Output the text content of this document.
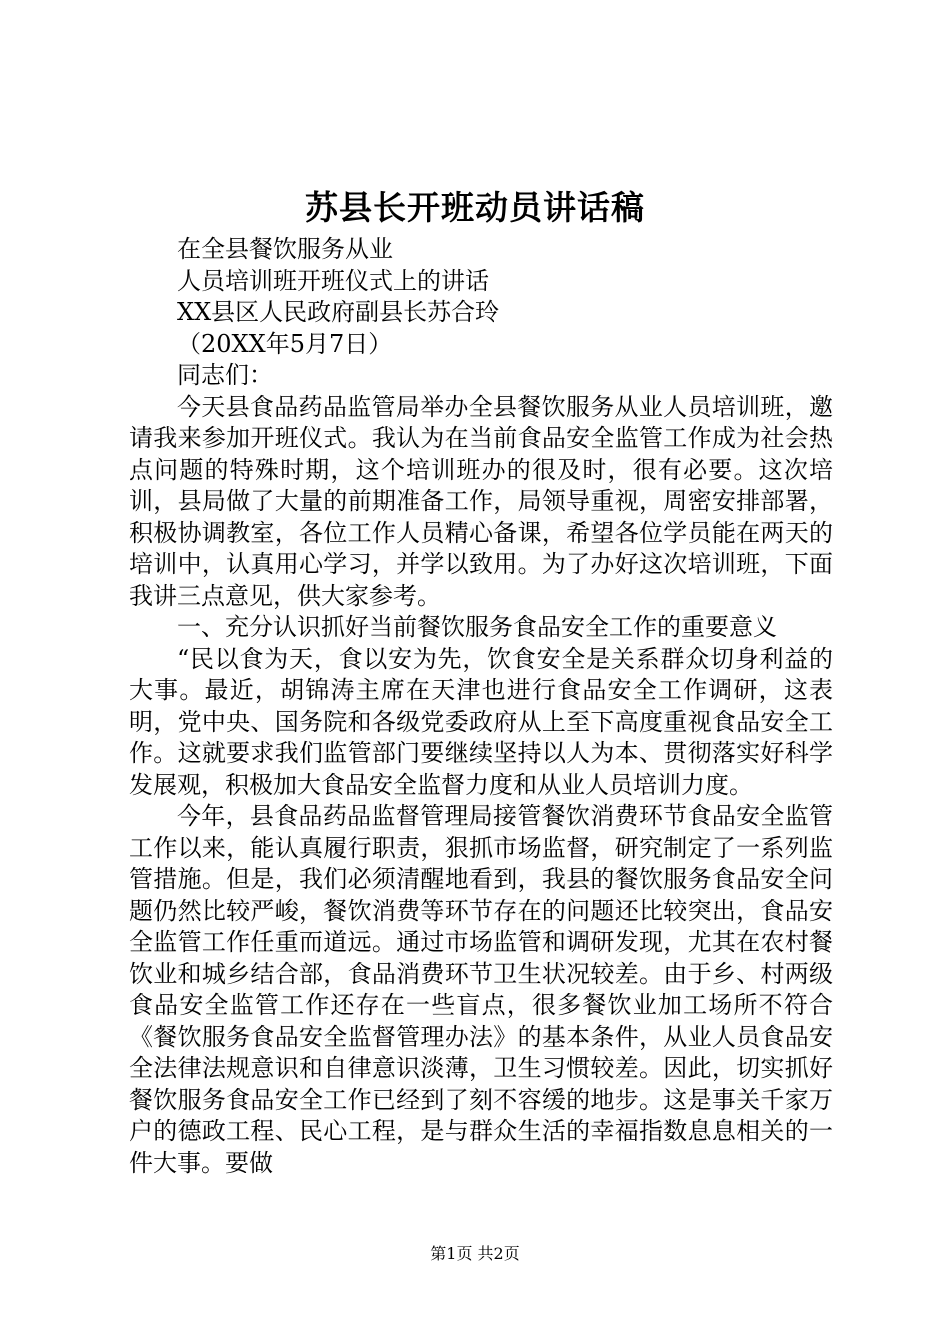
苏县长开班动员讲话稿

在全县餐饮服务从业

人员培训班开班仪式上的讲话

XX县区人民政府副县长苏合玲

（20XX年5月7日）

同志们：

今天县食品药品监管局举办全县餐饮服务从业人员培训班，邀请我来参加开班仪式。我认为在当前食品安全监管工作成为社会热点问题的特殊时期，这个培训班办的很及时，很有必要。这次培训，县局做了大量的前期准备工作，局领导重视，周密安排部署，积极协调教室，各位工作人员精心备课，希望各位学员能在两天的培训中，认真用心学习，并学以致用。为了办好这次培训班，下面我讲三点意见，供大家参考。

一、充分认识抓好当前餐饮服务食品安全工作的重要意义

“民以食为天，食以安为先，饮食安全是关系群众切身利益的大事。最近，胡锦涛主席在天津也进行食品安全工作调研，这表明，党中央、国务院和各级党委政府从上至下高度重视食品安全工作。这就要求我们监管部门要继续坚持以人为本、贯彻落实好科学发展观，积极加大食品安全监督力度和从业人员培训力度。

今年，县食品药品监督管理局接管餐饮消费环节食品安全监管工作以来，能认真履行职责，狠抓市场监督，研究制定了一系列监管措施。但是，我们必须清醒地看到，我县的餐饮服务食品安全问题仍然比较严峻，餐饮消费等环节存在的问题还比较突出，食品安全监管工作任重而道远。通过市场监管和调研发现，尤其在农村餐饮业和城乡结合部，食品消费环节卫生状况较差。由于乡、村两级食品安全监管工作还存在一些盲点，很多餐饮业加工场所不符合《餐饮服务食品安全监督管理办法》的基本条件，从业人员食品安全法律法规意识和自律意识淡薄，卫生习惯较差。因此，切实抓好餐饮服务食品安全工作已经到了刻不容缓的地步。这是事关千家万户的德政工程、民心工程，是与群众生活的幸福指数息息相关的一件大事。要做

第1页 共2页
